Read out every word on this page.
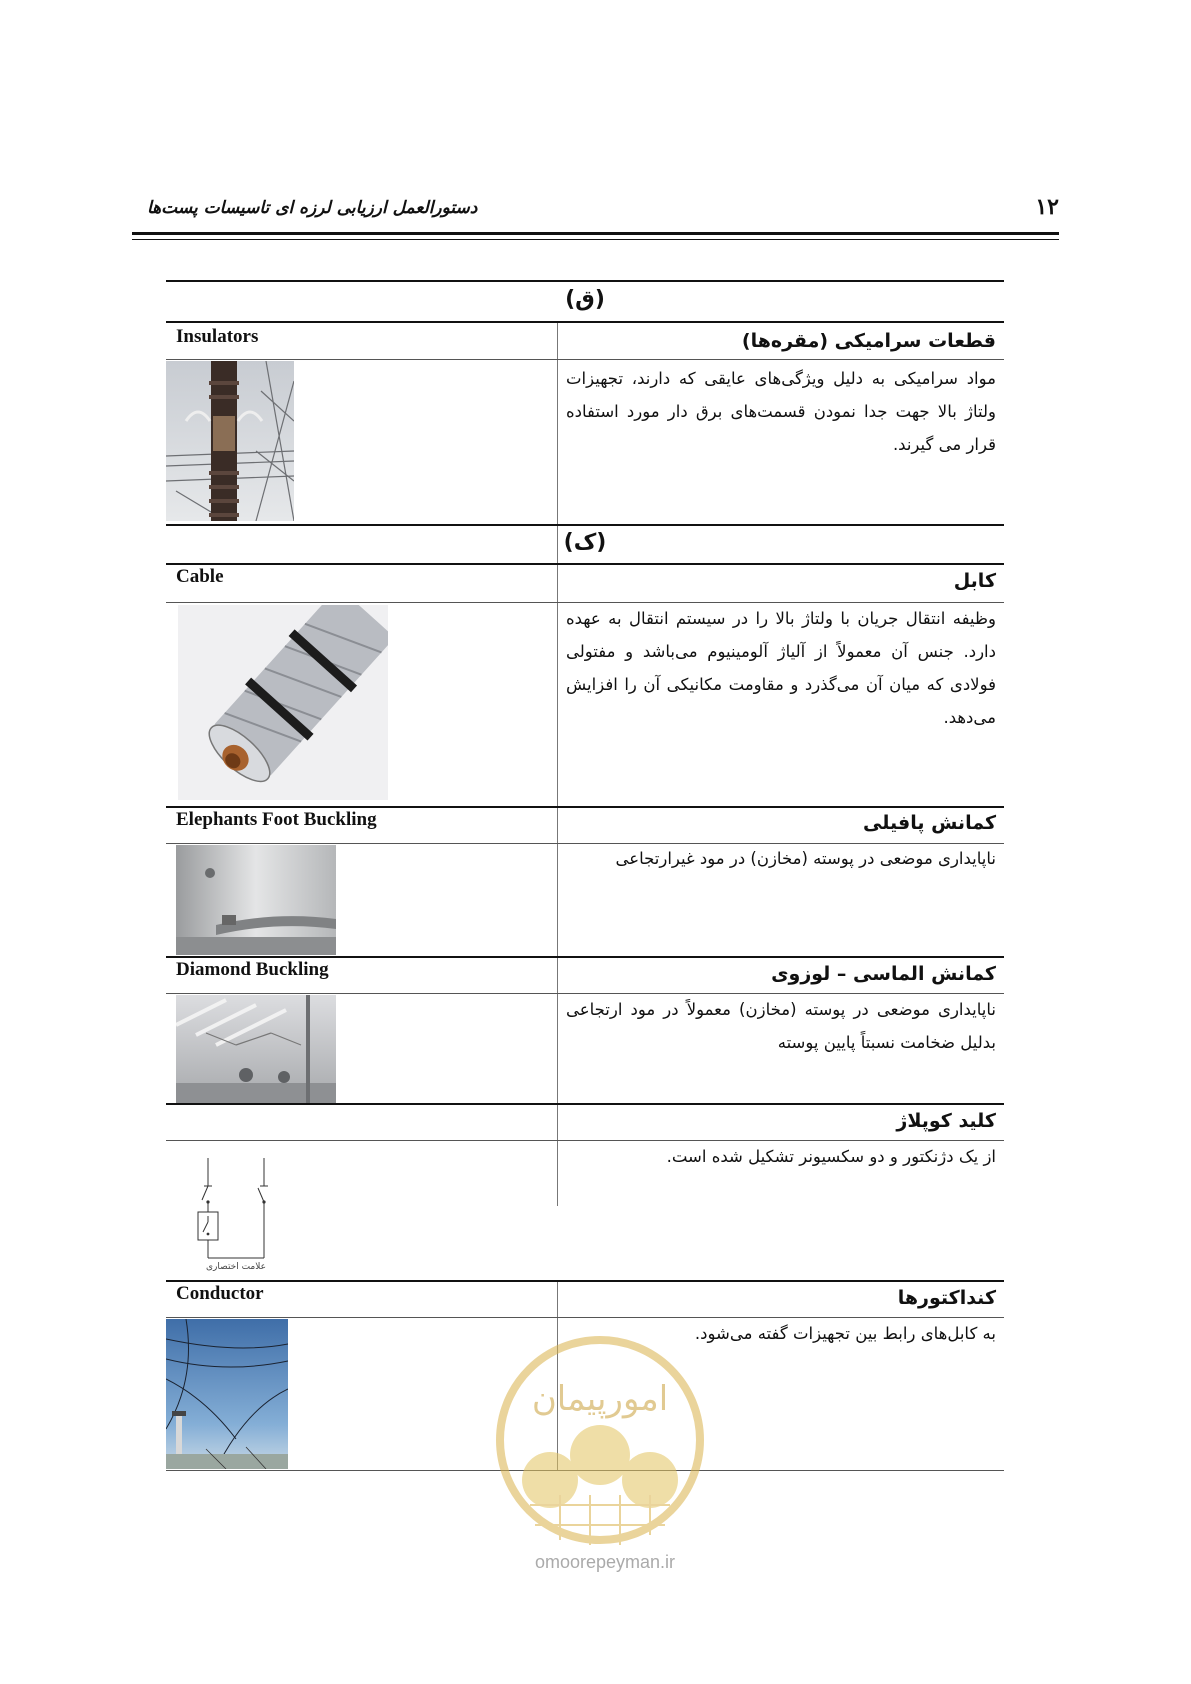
دستورالعمل ارزیابی لرزه ای تاسیسات پست‌ها	۱۲
(ق)
Insulators	قطعات سرامیکی (مقره‌ها)
مواد سرامیکی به دلیل ویژگی‌های عایقی که دارند، تجهیزات ولتاژ بالا جهت جدا نمودن قسمت‌های برق دار مورد استفاده قرار می گیرند.
(ک)
Cable	کابل
وظیفه انتقال جریان با ولتاژ بالا را در سیستم انتقال به عهده دارد. جنس آن معمولاً از آلیاژ آلومینیوم می‌باشد و مفتولی فولادی که میان آن می‌گذرد و مقاومت مکانیکی آن را افزایش می‌دهد.
Elephants Foot Buckling	کمانش پافیلی
ناپایداری موضعی در پوسته (مخازن) در مود غیرارتجاعی
Diamond Buckling	کمانش الماسی – لوزوی
ناپایداری موضعی در پوسته (مخازن) معمولاً در مود ارتجاعی بدلیل ضخامت نسبتاً پایین پوسته
کلید کوپلاژ
از یک دژنکتور و دو سکسیونر تشکیل شده است.
علامت اختصاری
Conductor	کنداکتورها
به کابل‌های رابط بین تجهیزات گفته می‌شود.
امورپیمان
omoorepeyman.ir
